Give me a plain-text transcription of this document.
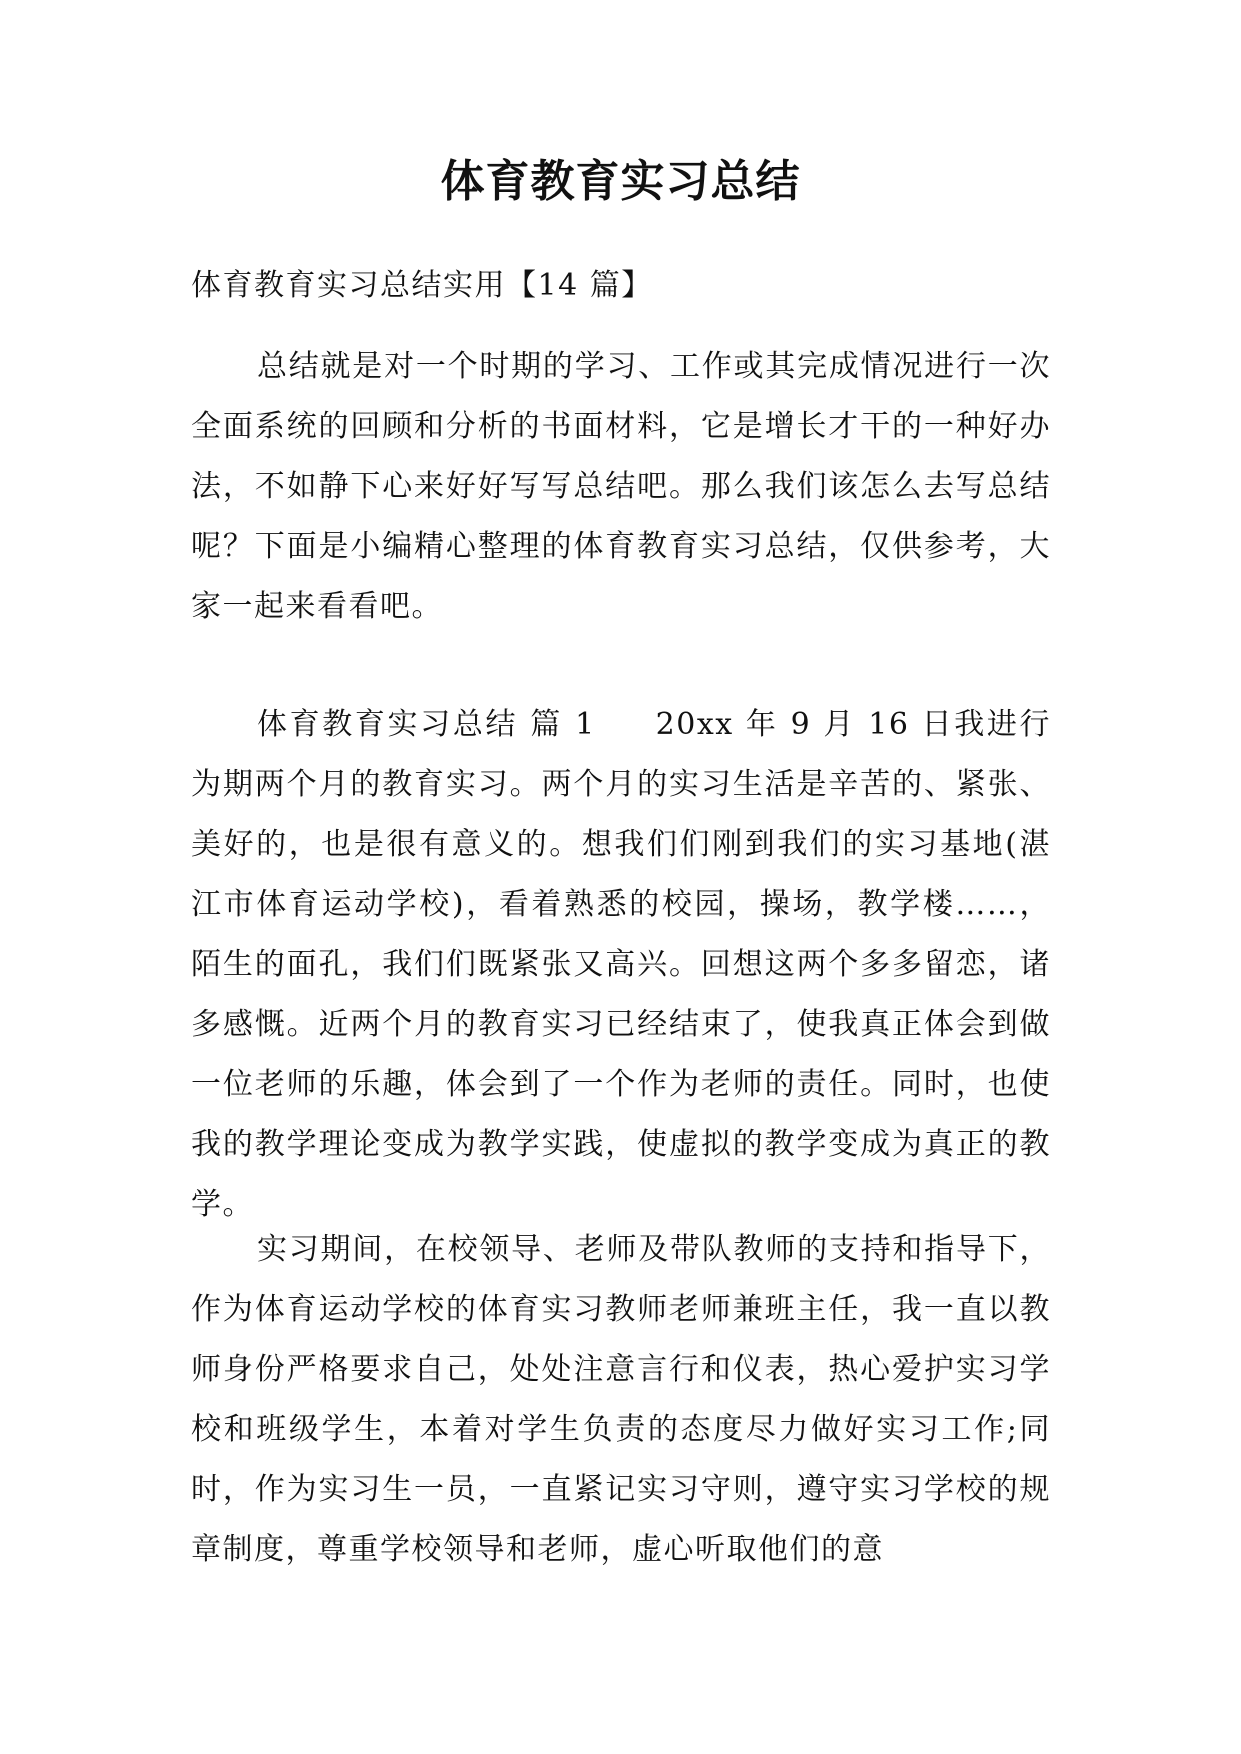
体育教育实习总结

体育教育实习总结实用【14 篇】

总结就是对一个时期的学习、工作或其完成情况进行一次全面系统的回顾和分析的书面材料，它是增长才干的一种好办法，不如静下心来好好写写总结吧。那么我们该怎么去写总结呢？下面是小编精心整理的体育教育实习总结，仅供参考，大家一起来看看吧。

体育教育实习总结 篇 1 20xx 年 9 月 16 日我进行为期两个月的教育实习。两个月的实习生活是辛苦的、紧张、美好的，也是很有意义的。想我们们刚到我们的实习基地(湛江市体育运动学校)，看着熟悉的校园，操场，教学楼……，陌生的面孔，我们们既紧张又高兴。回想这两个多多留恋，诸多感慨。近两个月的教育实习已经结束了，使我真正体会到做一位老师的乐趣，体会到了一个作为老师的责任。同时，也使我的教学理论变成为教学实践，使虚拟的教学变成为真正的教学。

实习期间，在校领导、老师及带队教师的支持和指导下，作为体育运动学校的体育实习教师老师兼班主任，我一直以教师身份严格要求自己，处处注意言行和仪表，热心爱护实习学校和班级学生，本着对学生负责的态度尽力做好实习工作;同时，作为实习生一员，一直紧记实习守则，遵守实习学校的规章制度，尊重学校领导和老师，虚心听取他们的意
